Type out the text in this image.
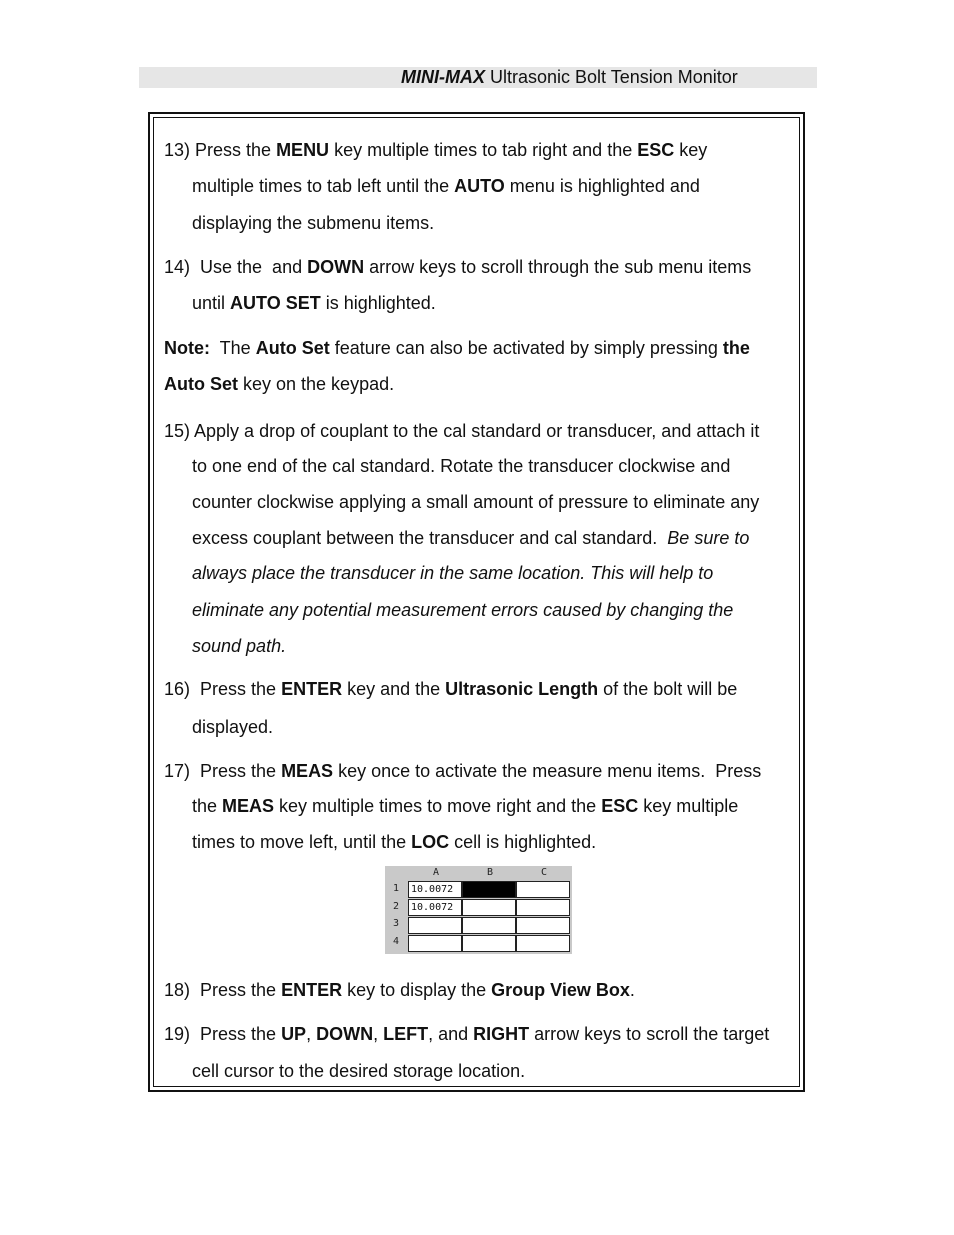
MINI-MAX Ultrasonic Bolt Tension Monitor
13) Press the MENU key multiple times to tab right and the ESC key
multiple times to tab left until the AUTO menu is highlighted and
displaying the submenu items.
14)  Use the  and DOWN arrow keys to scroll through the sub menu items
until AUTO SET is highlighted.
Note:  The Auto Set feature can also be activated by simply pressing the
Auto Set key on the keypad.
15) Apply a drop of couplant to the cal standard or transducer, and attach it
to one end of the cal standard. Rotate the transducer clockwise and
counter clockwise applying a small amount of pressure to eliminate any
excess couplant between the transducer and cal standard.  Be sure to
always place the transducer in the same location. This will help to
eliminate any potential measurement errors caused by changing the
sound path.
16)  Press the ENTER key and the Ultrasonic Length of the bolt will be
displayed.
17)  Press the MEAS key once to activate the measure menu items.  Press
the MEAS key multiple times to move right and the ESC key multiple
times to move left, until the LOC cell is highlighted.
A	B	C
1
2
3
4
10.0072
10.0072
18)  Press the ENTER key to display the Group View Box.
19)  Press the UP, DOWN, LEFT, and RIGHT arrow keys to scroll the target
cell cursor to the desired storage location.
